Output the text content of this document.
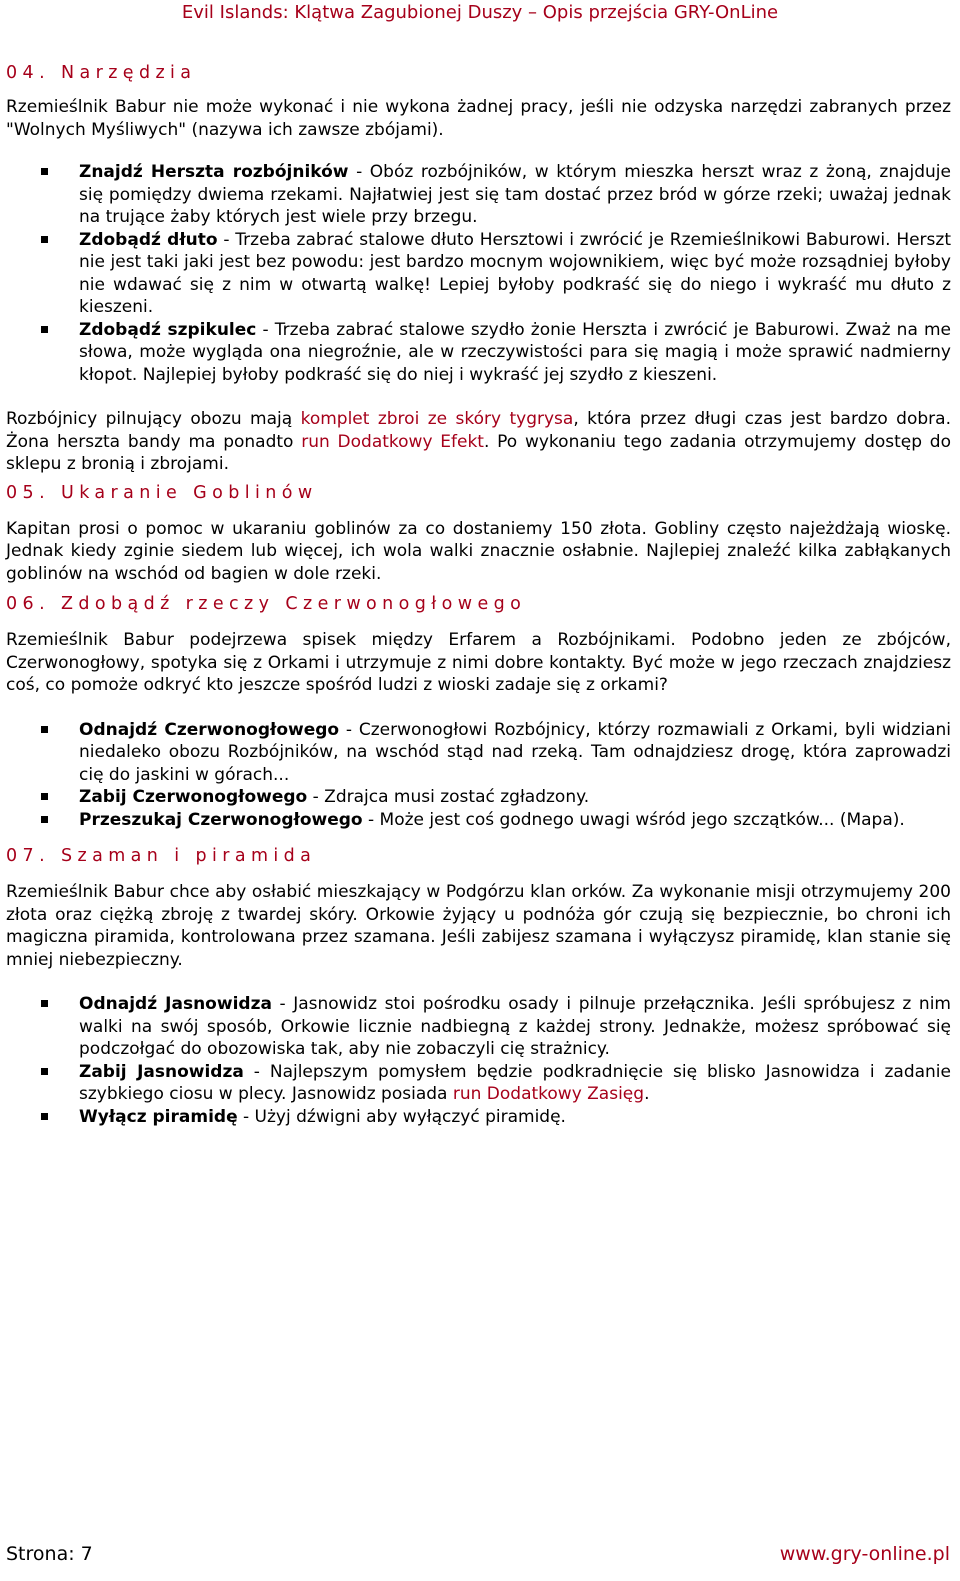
Evil Islands: Klątwa Zagubionej Duszy – Opis przejścia GRY-OnLine
04. Narzędzia

Rzemieślnik Babur nie może wykonać i nie wykona żadnej pracy, jeśli nie odzyska narzędzi zabranych przez "Wolnych Myśliwych" (nazywa ich zawsze zbójami).

Znajdź Herszta rozbójników - Obóz rozbójników, w którym mieszka herszt wraz z żoną, znajduje się pomiędzy dwiema rzekami. Najłatwiej jest się tam dostać przez bród w górze rzeki; uważaj jednak na trujące żaby których jest wiele przy brzegu.
Zdobądź dłuto - Trzeba zabrać stalowe dłuto Hersztowi i zwrócić je Rzemieślnikowi Baburowi. Herszt nie jest taki jaki jest bez powodu: jest bardzo mocnym wojownikiem, więc być może rozsądniej byłoby nie wdawać się z nim w otwartą walkę! Lepiej byłoby podkraść się do niego i wykraść mu dłuto z kieszeni.
Zdobądź szpikulec - Trzeba zabrać stalowe szydło żonie Herszta i zwrócić je Baburowi. Zważ na me słowa, może wygląda ona niegroźnie, ale w rzeczywistości para się magią i może sprawić nadmierny kłopot. Najlepiej byłoby podkraść się do niej i wykraść jej szydło z kieszeni.

Rozbójnicy pilnujący obozu mają komplet zbroi ze skóry tygrysa, która przez długi czas jest bardzo dobra. Żona herszta bandy ma ponadto run Dodatkowy Efekt. Po wykonaniu tego zadania otrzymujemy dostęp do sklepu z bronią i zbrojami.

05. Ukaranie Goblinów

Kapitan prosi o pomoc w ukaraniu goblinów za co dostaniemy 150 złota. Gobliny często najeżdżają wioskę. Jednak kiedy zginie siedem lub więcej, ich wola walki znacznie osłabnie. Najlepiej znaleźć kilka zabłąkanych goblinów na wschód od bagien w dole rzeki.

06. Zdobądź rzeczy Czerwonogłowego

Rzemieślnik Babur podejrzewa spisek między Erfarem a Rozbójnikami. Podobno jeden ze zbójców, Czerwonogłowy, spotyka się z Orkami i utrzymuje z nimi dobre kontakty. Być może w jego rzeczach znajdziesz coś, co pomoże odkryć kto jeszcze spośród ludzi z wioski zadaje się z orkami?

Odnajdź Czerwonogłowego - Czerwonogłowi Rozbójnicy, którzy rozmawiali z Orkami, byli widziani niedaleko obozu Rozbójników, na wschód stąd nad rzeką. Tam odnajdziesz drogę, która zaprowadzi cię do jaskini w górach...
Zabij Czerwonogłowego - Zdrajca musi zostać zgładzony.
Przeszukaj Czerwonogłowego - Może jest coś godnego uwagi wśród jego szczątków... (Mapa).
07. Szaman i piramida

Rzemieślnik Babur chce aby osłabić mieszkający w Podgórzu klan orków. Za wykonanie misji otrzymujemy 200 złota oraz ciężką zbroję z twardej skóry. Orkowie żyjący u podnóża gór czują się bezpiecznie, bo chroni ich magiczna piramida, kontrolowana przez szamana. Jeśli zabijesz szamana i wyłączysz piramidę, klan stanie się mniej niebezpieczny.

Odnajdź Jasnowidza - Jasnowidz stoi pośrodku osady i pilnuje przełącznika. Jeśli spróbujesz z nim walki na swój sposób, Orkowie licznie nadbiegną z każdej strony. Jednakże, możesz spróbować się podczołgać do obozowiska tak, aby nie zobaczyli cię strażnicy.
Zabij Jasnowidza - Najlepszym pomysłem będzie podkradnięcie się blisko Jasnowidza i zadanie szybkiego ciosu w plecy. Jasnowidz posiada run Dodatkowy Zasięg.
Wyłącz piramidę - Użyj dźwigni aby wyłączyć piramidę.
Strona: 7	www.gry-online.pl
